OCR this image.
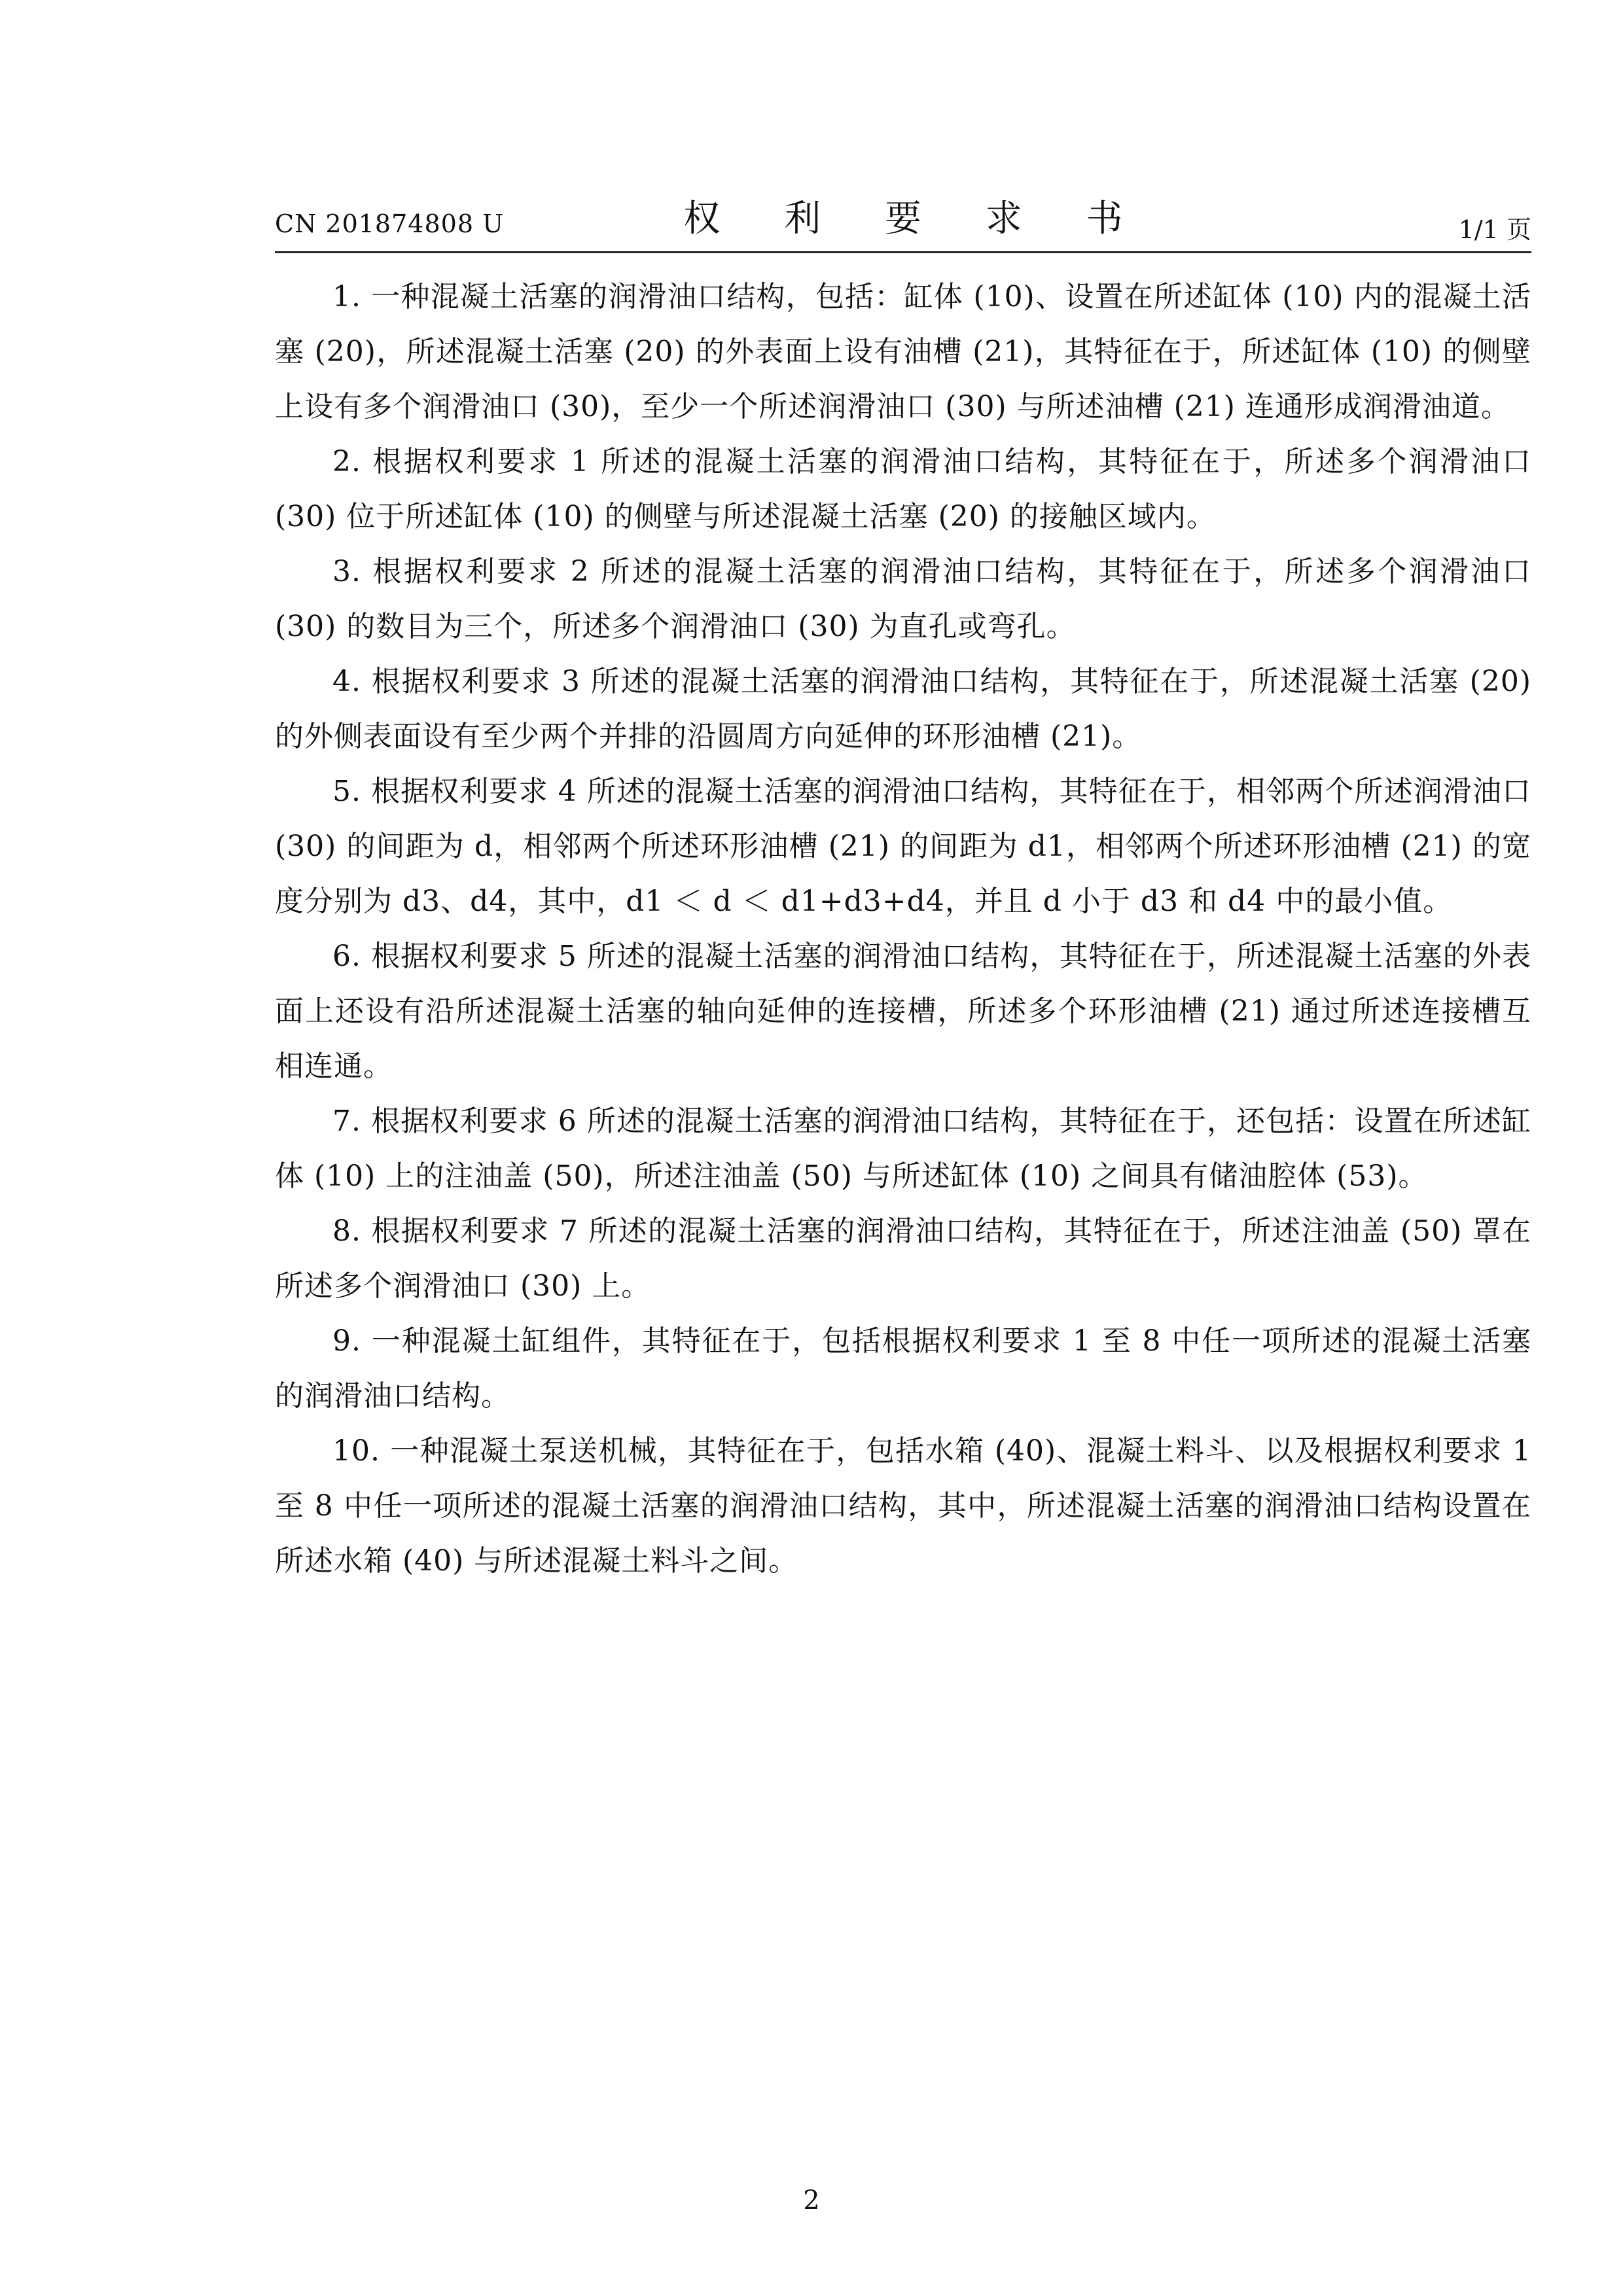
CN 201874808 U	权 利 要 求 书	1/1 页

1. 一种混凝土活塞的润滑油口结构，包括：缸体 (10)、设置在所述缸体 (10) 内的混凝土活塞 (20)，所述混凝土活塞 (20) 的外表面上设有油槽 (21)，其特征在于，所述缸体 (10) 的侧壁上设有多个润滑油口 (30)，至少一个所述润滑油口 (30) 与所述油槽 (21) 连通形成润滑油道。

2. 根据权利要求 1 所述的混凝土活塞的润滑油口结构，其特征在于，所述多个润滑油口 (30) 位于所述缸体 (10) 的侧壁与所述混凝土活塞 (20) 的接触区域内。

3. 根据权利要求 2 所述的混凝土活塞的润滑油口结构，其特征在于，所述多个润滑油口 (30) 的数目为三个，所述多个润滑油口 (30) 为直孔或弯孔。

4. 根据权利要求 3 所述的混凝土活塞的润滑油口结构，其特征在于，所述混凝土活塞 (20) 的外侧表面设有至少两个并排的沿圆周方向延伸的环形油槽 (21)。

5. 根据权利要求 4 所述的混凝土活塞的润滑油口结构，其特征在于，相邻两个所述润滑油口 (30) 的间距为 d，相邻两个所述环形油槽 (21) 的间距为 d1，相邻两个所述环形油槽 (21) 的宽度分别为 d3、d4，其中，d1 ＜ d ＜ d1+d3+d4，并且 d 小于 d3 和 d4 中的最小值。

6. 根据权利要求 5 所述的混凝土活塞的润滑油口结构，其特征在于，所述混凝土活塞的外表面上还设有沿所述混凝土活塞的轴向延伸的连接槽，所述多个环形油槽 (21) 通过所述连接槽互相连通。

7. 根据权利要求 6 所述的混凝土活塞的润滑油口结构，其特征在于，还包括：设置在所述缸体 (10) 上的注油盖 (50)，所述注油盖 (50) 与所述缸体 (10) 之间具有储油腔体 (53)。

8. 根据权利要求 7 所述的混凝土活塞的润滑油口结构，其特征在于，所述注油盖 (50) 罩在所述多个润滑油口 (30) 上。

9. 一种混凝土缸组件，其特征在于，包括根据权利要求 1 至 8 中任一项所述的混凝土活塞的润滑油口结构。

10. 一种混凝土泵送机械，其特征在于，包括水箱 (40)、混凝土料斗、以及根据权利要求 1 至 8 中任一项所述的混凝土活塞的润滑油口结构，其中，所述混凝土活塞的润滑油口结构设置在所述水箱 (40) 与所述混凝土料斗之间。

2
